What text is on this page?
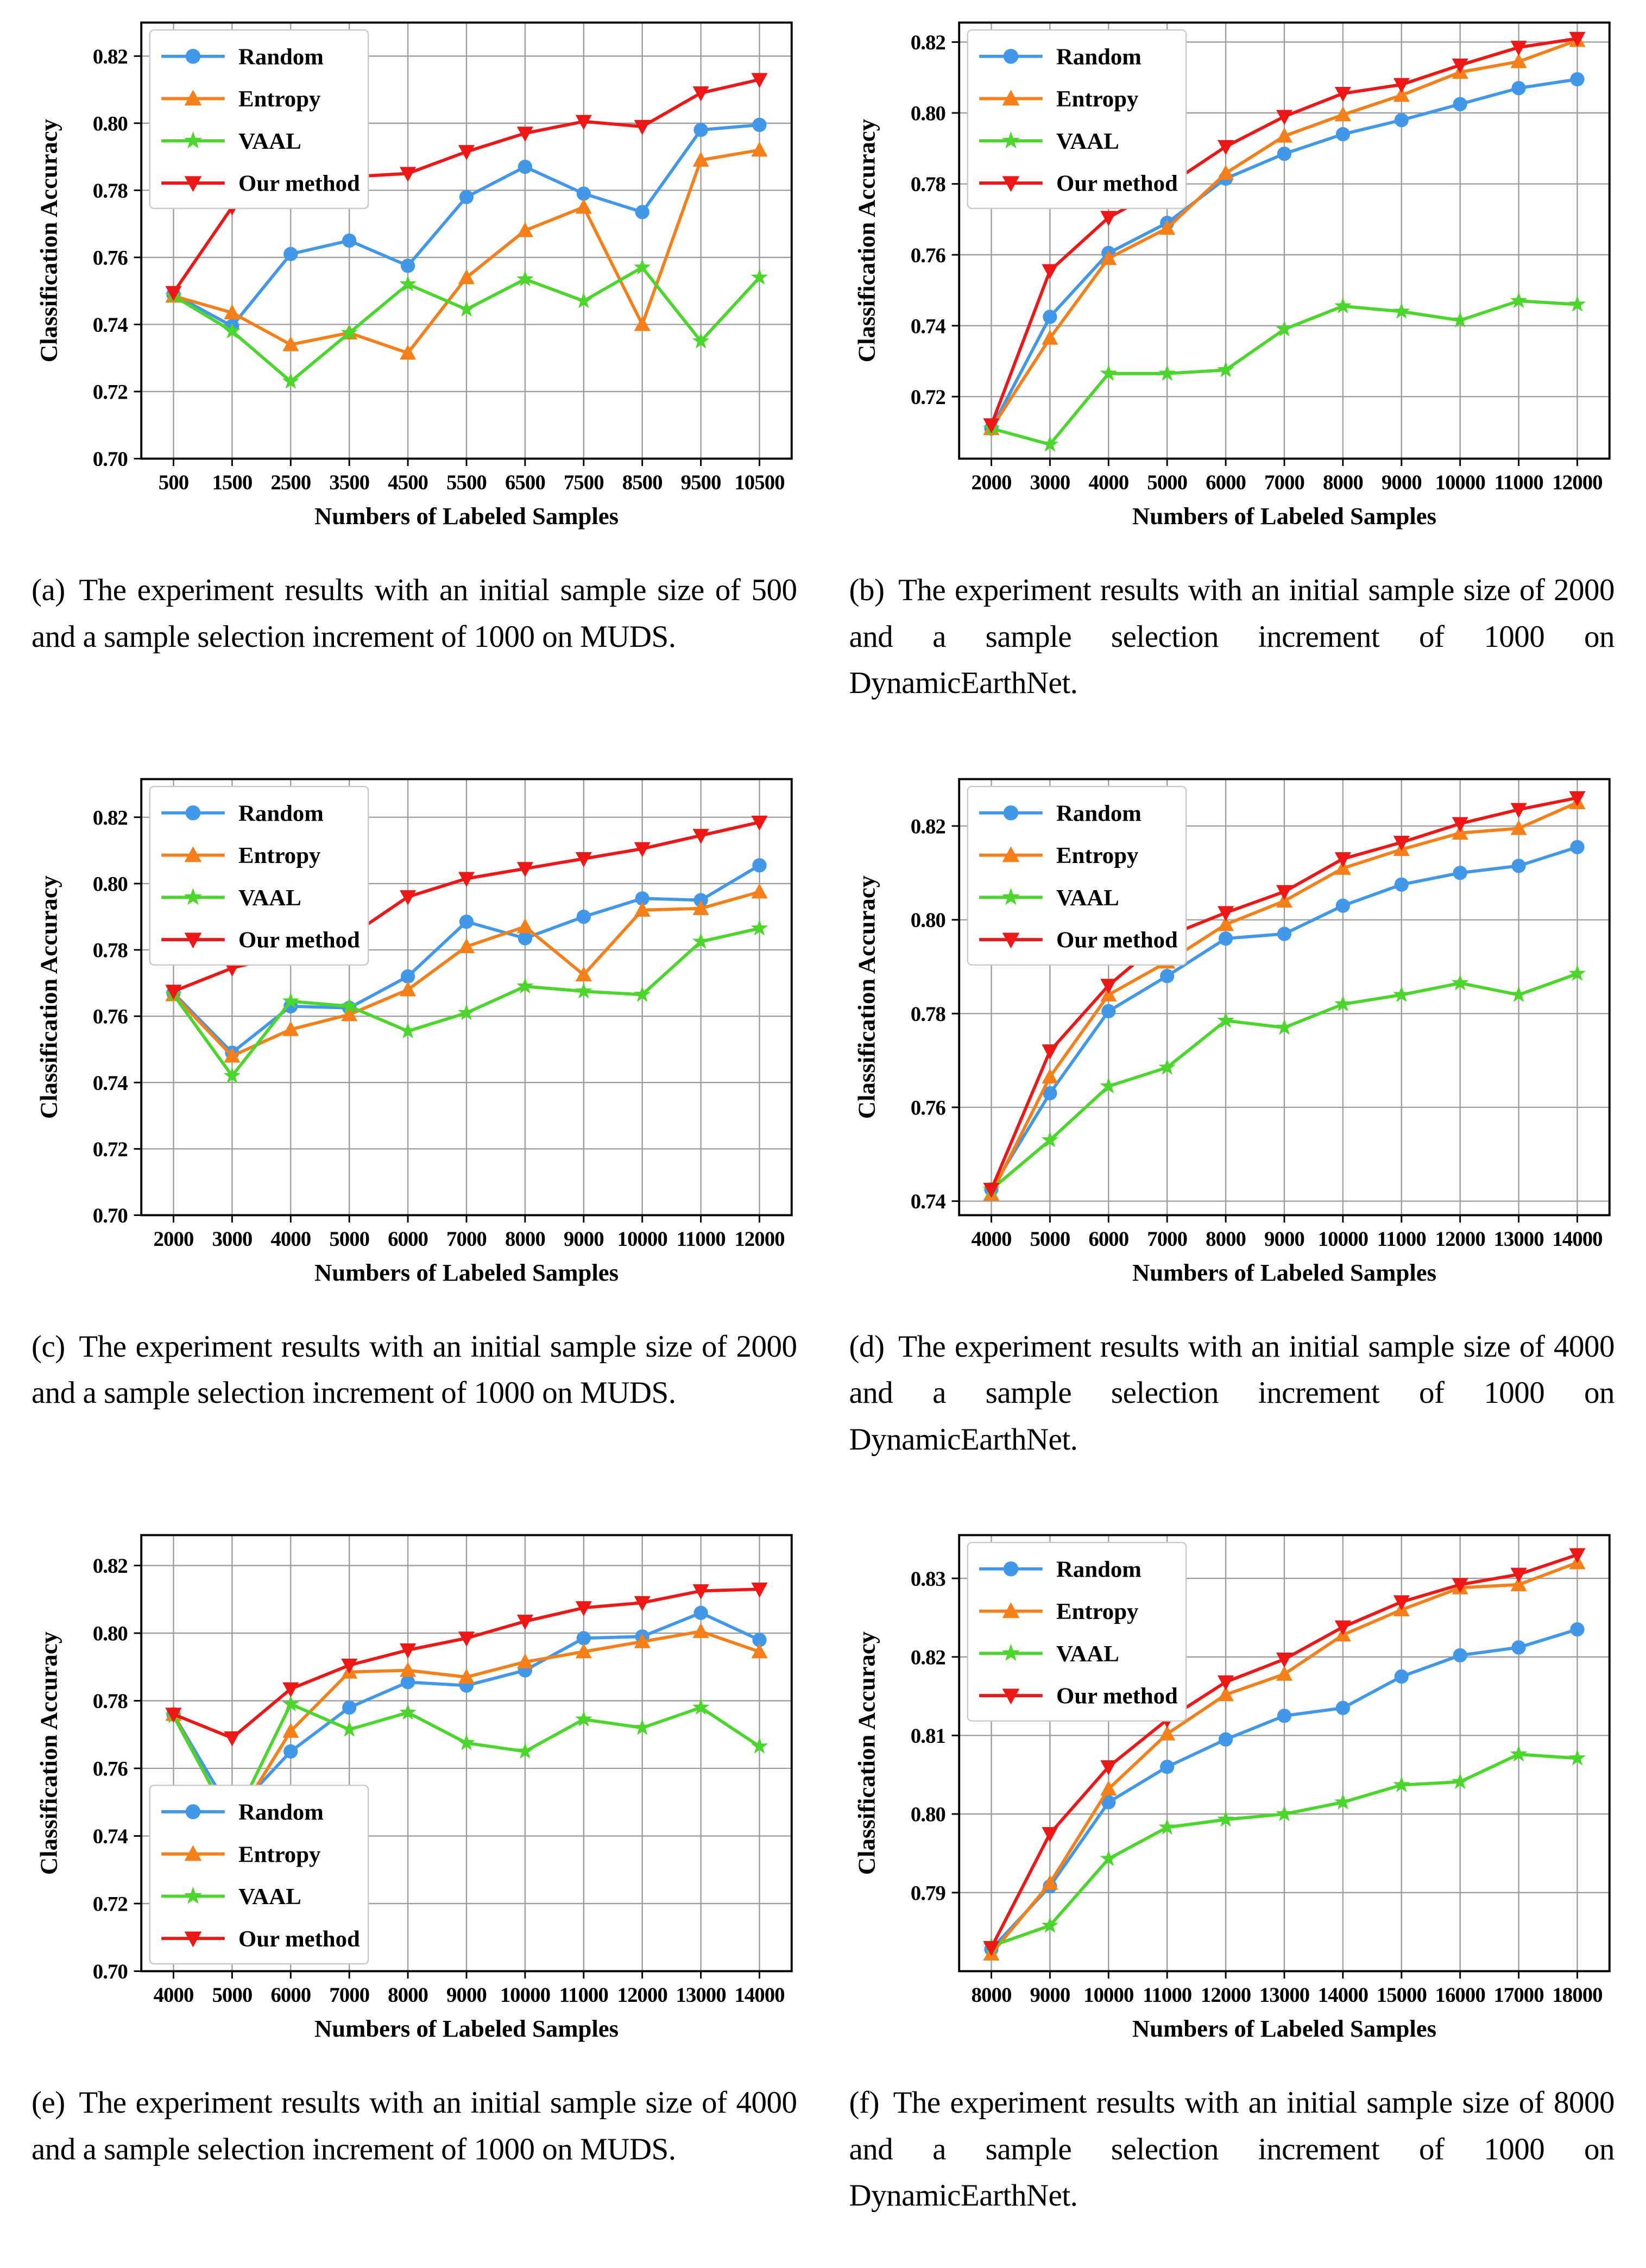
500 1500 2500 3500 4500 5500 6500 7500 8500 9500 10500
0.70
0.72
0.74
0.76
0.78
0.80
0.82
Numbers of Labeled Samples
Classification Accuracy
Random
Entropy
VAAL
Our method
(a) The experiment results with an initial sample size of 500 and a sample selection increment of 1000 on MUDS.
2000 3000 4000 5000 6000 7000 8000 9000 10000 11000 12000
0.72
0.74
0.76
0.78
0.80
0.82
Numbers of Labeled Samples
Classification Accuracy
Random
Entropy
VAAL
Our method
(b) The experiment results with an initial sample size of 2000 and a sample selection increment of 1000 on DynamicEarthNet.
2000 3000 4000 5000 6000 7000 8000 9000 10000 11000 12000
0.70
0.72
0.74
0.76
0.78
0.80
0.82
Numbers of Labeled Samples
Classification Accuracy
Random
Entropy
VAAL
Our method
(c) The experiment results with an initial sample size of 2000 and a sample selection increment of 1000 on MUDS.
4000 5000 6000 7000 8000 9000 10000 11000 12000 13000 14000
0.74
0.76
0.78
0.80
0.82
Numbers of Labeled Samples
Classification Accuracy
Random
Entropy
VAAL
Our method
(d) The experiment results with an initial sample size of 4000 and a sample selection increment of 1000 on DynamicEarthNet.
4000 5000 6000 7000 8000 9000 10000 11000 12000 13000 14000
0.70
0.72
0.74
0.76
0.78
0.80
0.82
Numbers of Labeled Samples
Classification Accuracy	Random
Entropy
VAAL
Our method
(e) The experiment results with an initial sample size of 4000 and a sample selection increment of 1000 on MUDS.
8000 9000 10000 11000 12000 13000 14000 15000 16000 17000 18000
0.79
0.80
0.81
0.82
0.83
Numbers of Labeled Samples
Classification Accuracy
Random
Entropy
VAAL
Our method
(f) The experiment results with an initial sample size of 8000 and a sample selection increment of 1000 on DynamicEarthNet.
